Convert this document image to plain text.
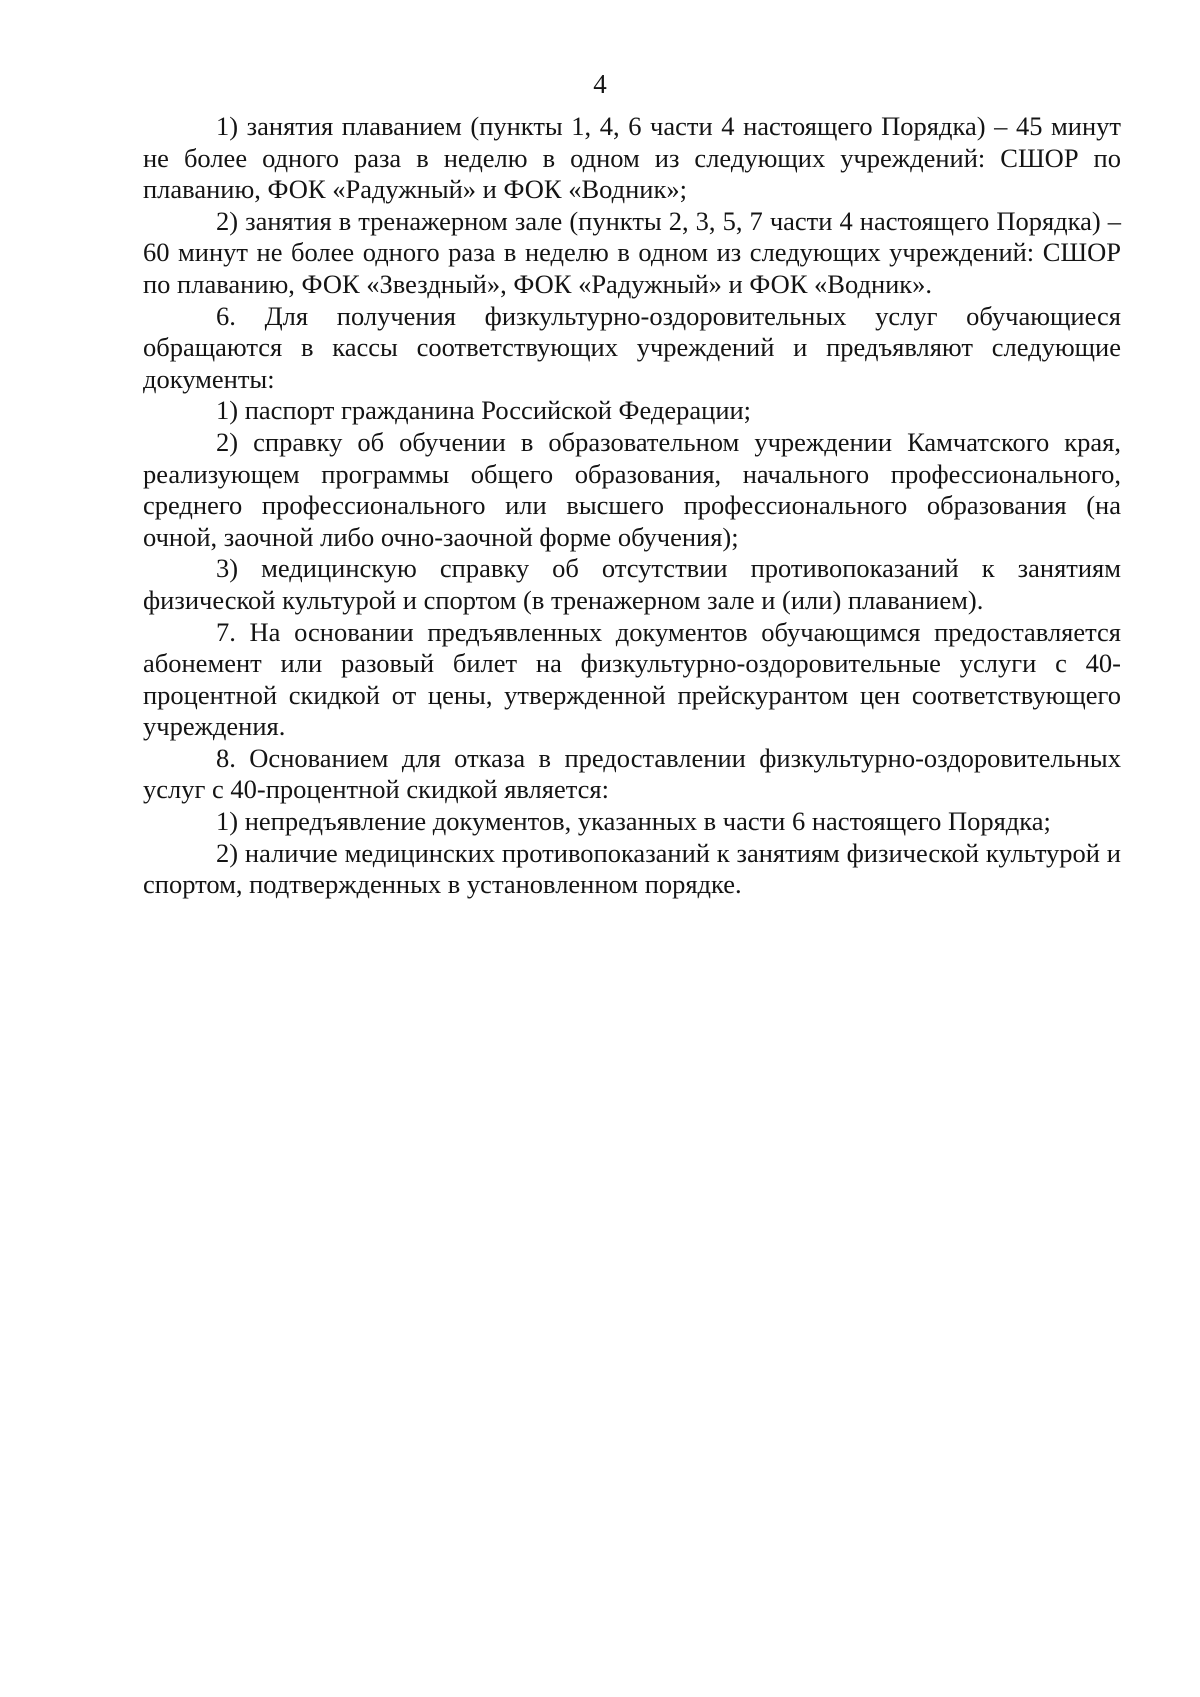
4

1) занятия плаванием (пункты 1, 4, 6 части 4 настоящего Порядка) – 45 минут не более одного раза в неделю в одном из следующих учреждений: СШОР по плаванию, ФОК «Радужный» и ФОК «Водник»;

2) занятия в тренажерном зале (пункты 2, 3, 5, 7 части 4 настоящего Порядка) – 60 минут не более одного раза в неделю в одном из следующих учреждений: СШОР по плаванию, ФОК «Звездный», ФОК «Радужный» и ФОК «Водник».

6. Для получения физкультурно-оздоровительных услуг обучающиеся обращаются в кассы соответствующих учреждений и предъявляют следующие документы:

1) паспорт гражданина Российской Федерации;

2) справку об обучении в образовательном учреждении Камчатского края, реализующем программы общего образования, начального профессионального, среднего профессионального или высшего профессионального образования (на очной, заочной либо очно-заочной форме обучения);

3) медицинскую справку об отсутствии противопоказаний к занятиям физической культурой и спортом (в тренажерном зале и (или) плаванием).

7. На основании предъявленных документов обучающимся предоставляется абонемент или разовый билет на физкультурно-оздоровительные услуги с 40-процентной скидкой от цены, утвержденной прейскурантом цен соответствующего учреждения.

8. Основанием для отказа в предоставлении физкультурно-оздоровительных услуг с 40-процентной скидкой является:

1) непредъявление документов, указанных в части 6 настоящего Порядка;

2) наличие медицинских противопоказаний к занятиям физической культурой и спортом, подтвержденных в установленном порядке.
